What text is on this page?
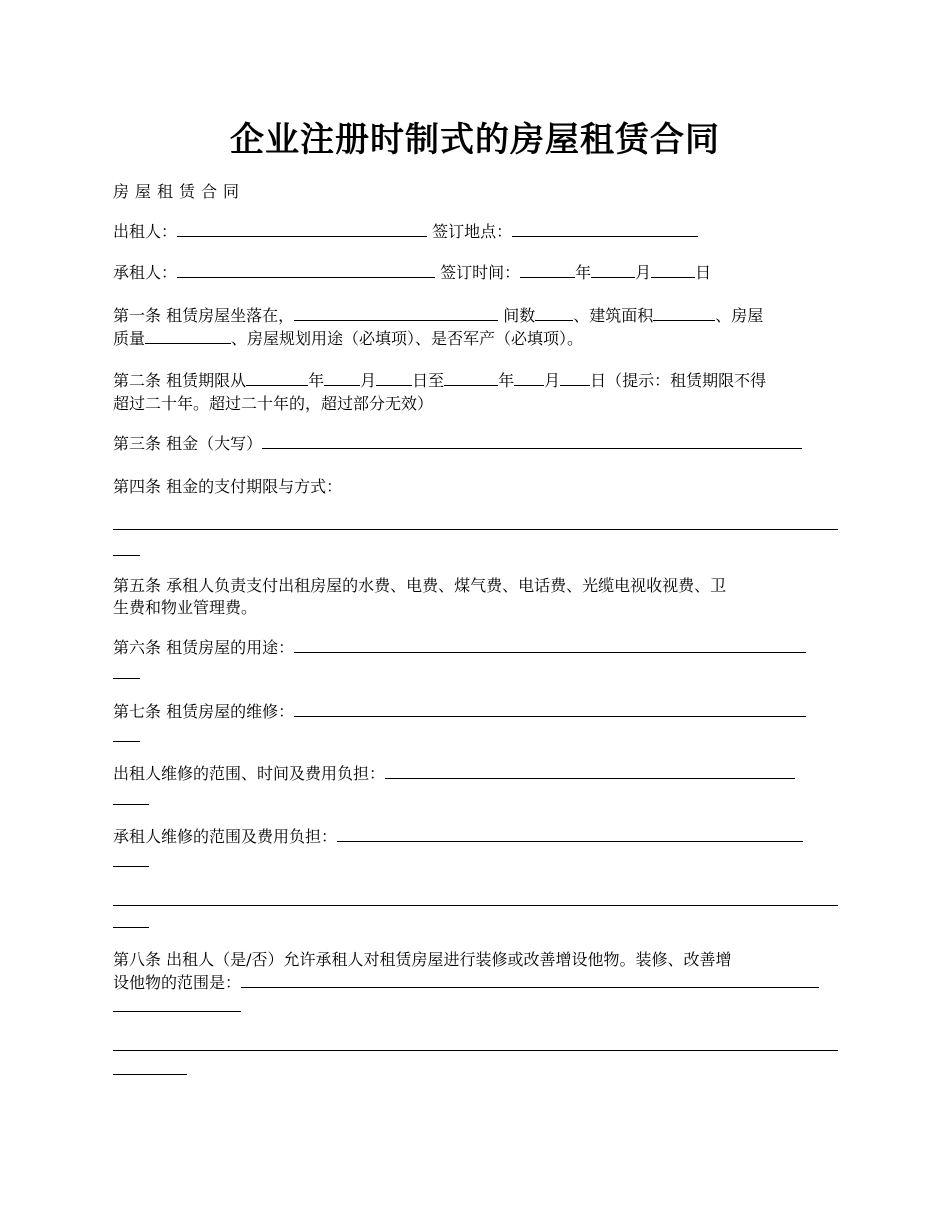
企业注册时制式的房屋租赁合同
房屋租赁合同
出租人：	签订地点：
承租人：	签订时间：	年	月	日
第一条 租赁房屋坐落在，	间数 、建筑面积	、房屋
质量	、房屋规划用途（必填项）、是否军产（必填项）。
第二条 租赁期限从	年 月 日至	年 月 日（提示：租赁期限不得
超过二十年。超过二十年的，超过部分无效）
第三条 租金（大写）
第四条 租金的支付期限与方式：
第五条 承租人负责支付出租房屋的水费、电费、煤气费、电话费、光缆电视收视费、卫
生费和物业管理费。
第六条 租赁房屋的用途：
第七条 租赁房屋的维修：
出租人维修的范围、时间及费用负担：
承租人维修的范围及费用负担：
第八条 出租人（是/否）允许承租人对租赁房屋进行装修或改善增设他物。装修、改善增
设他物的范围是：
